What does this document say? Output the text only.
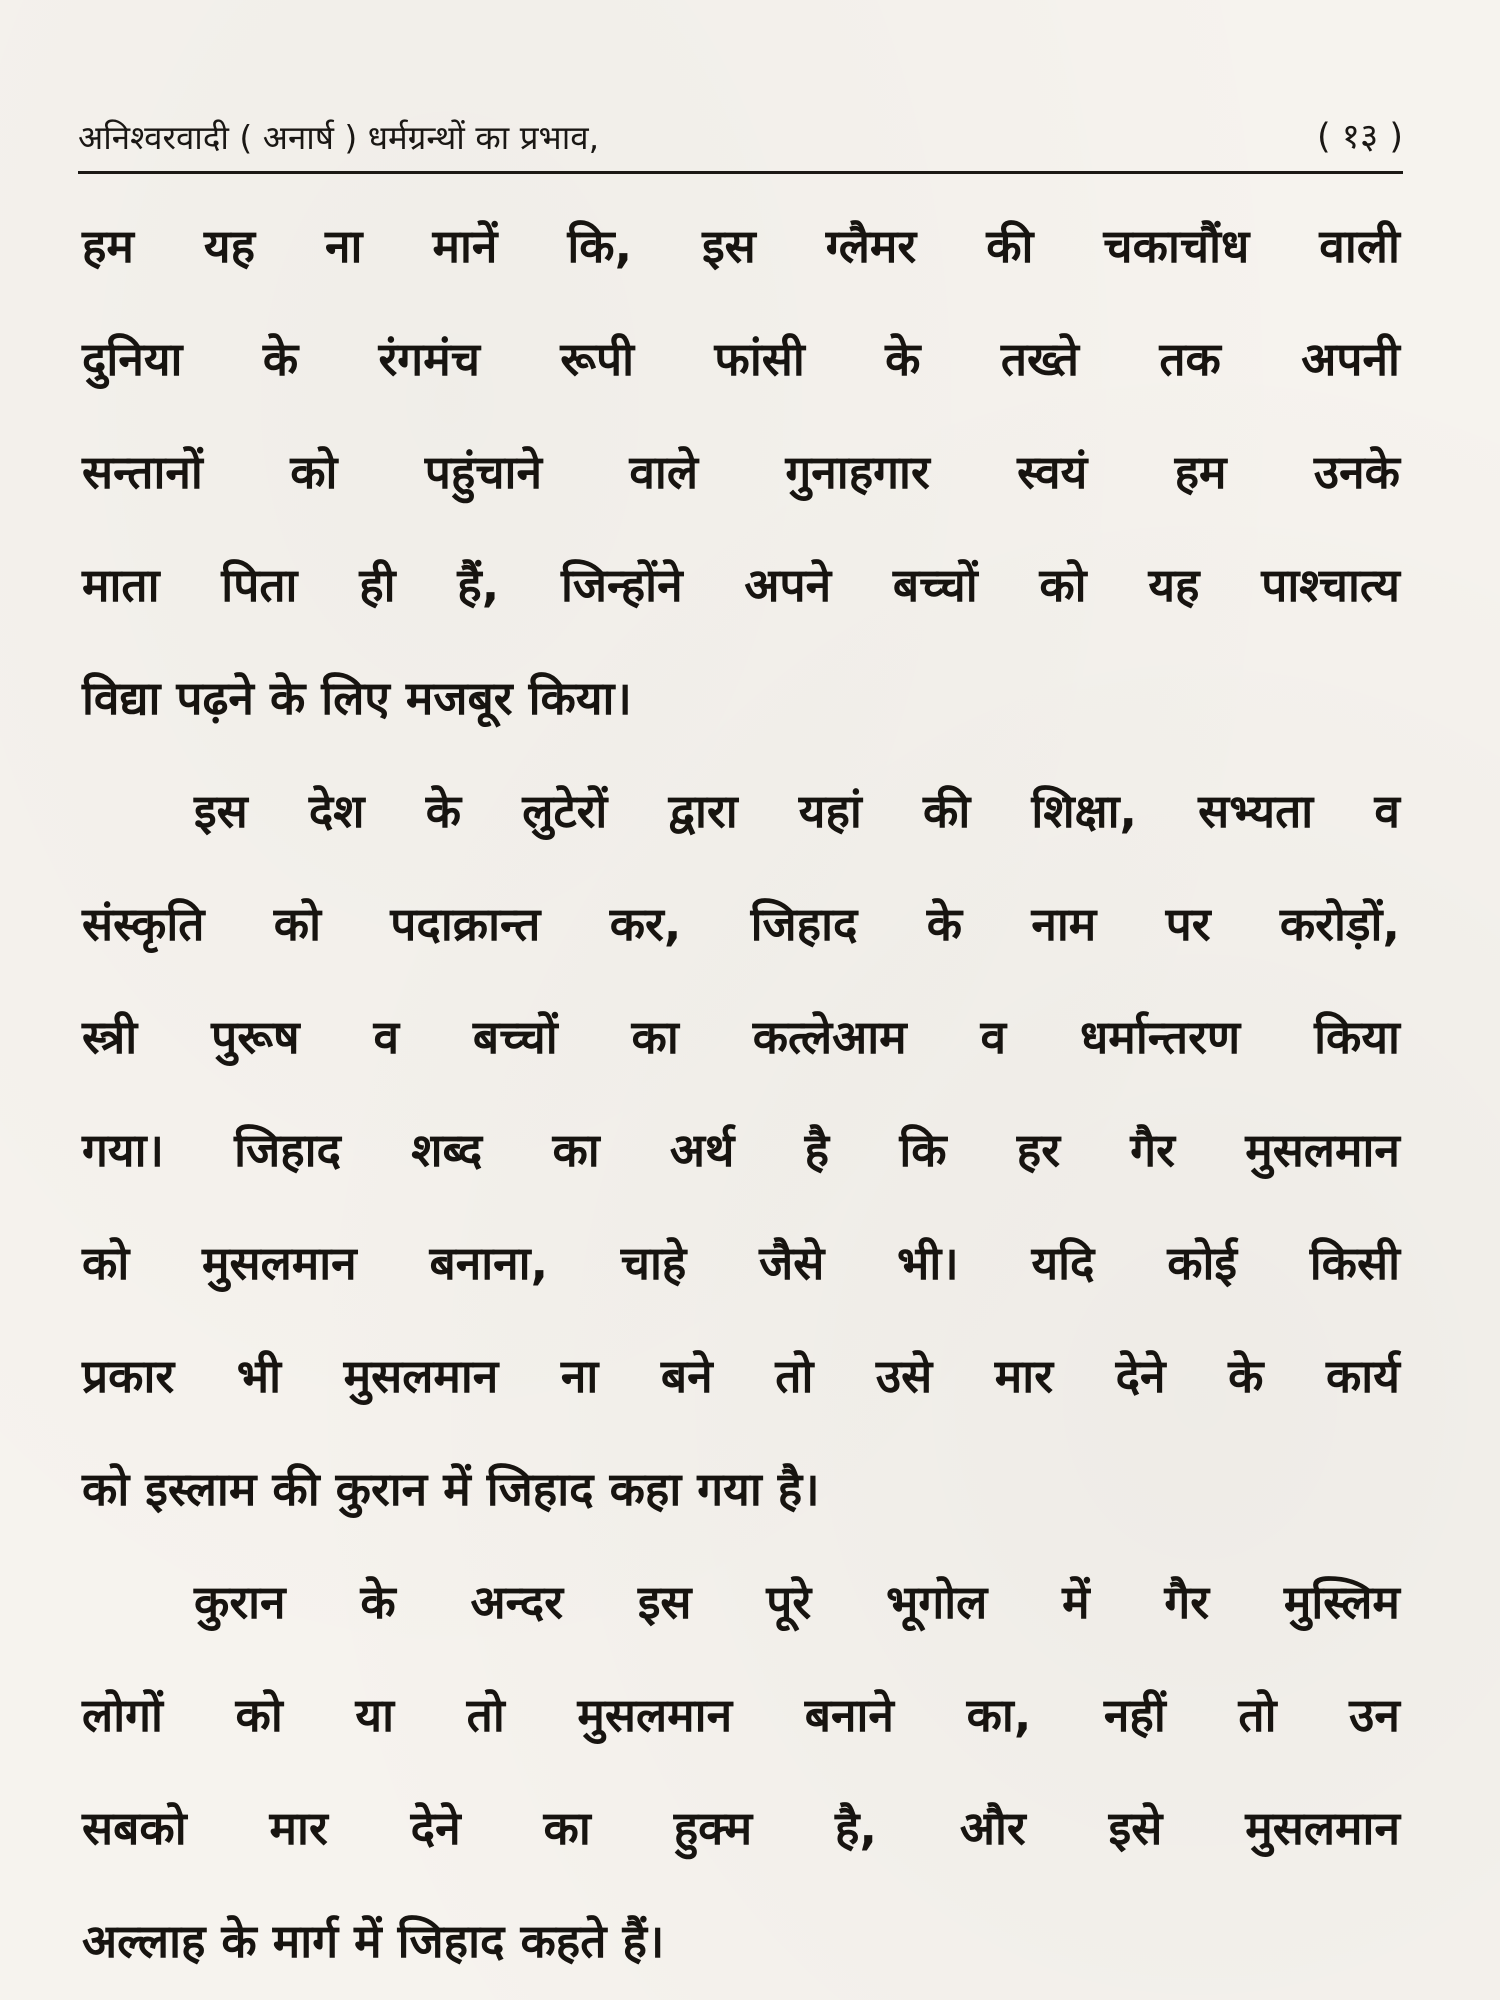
अनिश्वरवादी ( अनार्ष ) धर्मग्रन्थों का प्रभाव,	( १३ )
हम यह ना मानें कि, इस ग्लैमर की चकाचौंध वाली
दुनिया के रंगमंच रूपी फांसी के तख्ते तक अपनी
सन्तानों को पहुंचाने वाले गुनाहगार स्वयं हम उनके
माता पिता ही हैं, जिन्होंने अपने बच्चों को यह पाश्चात्य
विद्या पढ़ने के लिए मजबूर किया।
इस देश के लुटेरों द्वारा यहां की शिक्षा, सभ्यता व
संस्कृति को पदाक्रान्त कर, जिहाद के नाम पर करोड़ों,
स्त्री पुरूष व बच्चों का कत्लेआम व धर्मान्तरण किया
गया। जिहाद शब्द का अर्थ है कि हर गैर मुसलमान
को मुसलमान बनाना, चाहे जैसे भी। यदि कोई किसी
प्रकार भी मुसलमान ना बने तो उसे मार देने के कार्य
को इस्लाम की कुरान में जिहाद कहा गया है।
कुरान के अन्दर इस पूरे भूगोल में गैर मुस्लिम
लोगों को या तो मुसलमान बनाने का, नहीं तो उन
सबको मार देने का हुक्म है, और इसे मुसलमान
अल्लाह के मार्ग में जिहाद कहते हैं।
